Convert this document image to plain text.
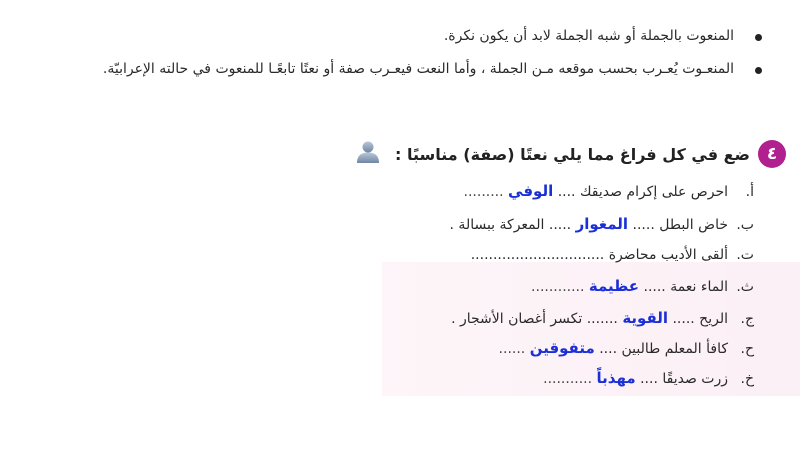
المنعوت بالجملة أو شبه الجملة لابد أن يكون نكرة.
المنعـوت يُعـرب بحسب موقعه مـن الجملة ، وأما النعت فيعـرب صفة أو نعتًا تابعًـا للمنعوت في حالته الإعرابيّة.
٤
ضع في كل فراغ مما يلي نعتًا (صفة) مناسبًا :
أ.
احرص على إكرام صديقك .... الوفي .........
ب.
خاض البطل ..... المغوار ..... المعركة ببسالة .
ت.
ألقى الأديب محاضرة ..............................
ث.
الماء نعمة ..... عظيمة ............
ج.
الريح ..... القوية ....... تكسر أغصان الأشجار .
ح.
كافأ المعلم طالبين .... متفوقين ......
خ.
زرت صديقًا .... مهذباً ...........
